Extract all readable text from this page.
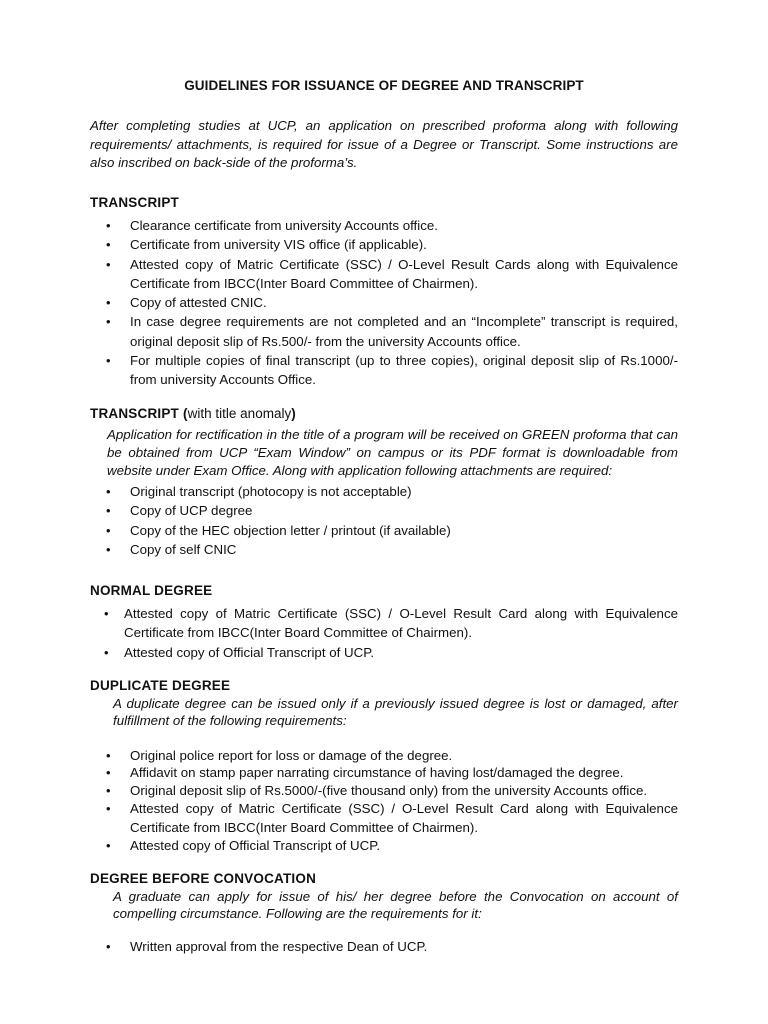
GUIDELINES FOR ISSUANCE OF DEGREE AND TRANSCRIPT

After completing studies at UCP, an application on prescribed proforma along with following requirements/ attachments, is required for issue of a Degree or Transcript. Some instructions are also inscribed on back-side of the proforma’s.

TRANSCRIPT
• Clearance certificate from university Accounts office.
• Certificate from university VIS office (if applicable).
• Attested copy of Matric Certificate (SSC) / O-Level Result Cards along with Equivalence Certificate from IBCC(Inter Board Committee of Chairmen).
• Copy of attested CNIC.
• In case degree requirements are not completed and an “Incomplete” transcript is required, original deposit slip of Rs.500/- from the university Accounts office.
• For multiple copies of final transcript (up to three copies), original deposit slip of Rs.1000/- from university Accounts Office.
TRANSCRIPT (with title anomaly)

Application for rectification in the title of a program will be received on GREEN proforma that can be obtained from UCP “Exam Window” on campus or its PDF format is downloadable from website under Exam Office. Along with application following attachments are required:

• Original transcript (photocopy is not acceptable)
• Copy of UCP degree
• Copy of the HEC objection letter / printout (if available)
• Copy of self CNIC
NORMAL DEGREE
• Attested copy of Matric Certificate (SSC) / O-Level Result Card along with Equivalence Certificate from IBCC(Inter Board Committee of Chairmen).
• Attested copy of Official Transcript of UCP.
DUPLICATE DEGREE

A duplicate degree can be issued only if a previously issued degree is lost or damaged, after fulfillment of the following requirements:

• Original police report for loss or damage of the degree.
• Affidavit on stamp paper narrating circumstance of having lost/damaged the degree.
• Original deposit slip of Rs.5000/-(five thousand only) from the university Accounts office.
• Attested copy of Matric Certificate (SSC) / O-Level Result Card along with Equivalence Certificate from IBCC(Inter Board Committee of Chairmen).
• Attested copy of Official Transcript of UCP.
DEGREE BEFORE CONVOCATION

A graduate can apply for issue of his/ her degree before the Convocation on account of compelling circumstance. Following are the requirements for it:

• Written approval from the respective Dean of UCP.
